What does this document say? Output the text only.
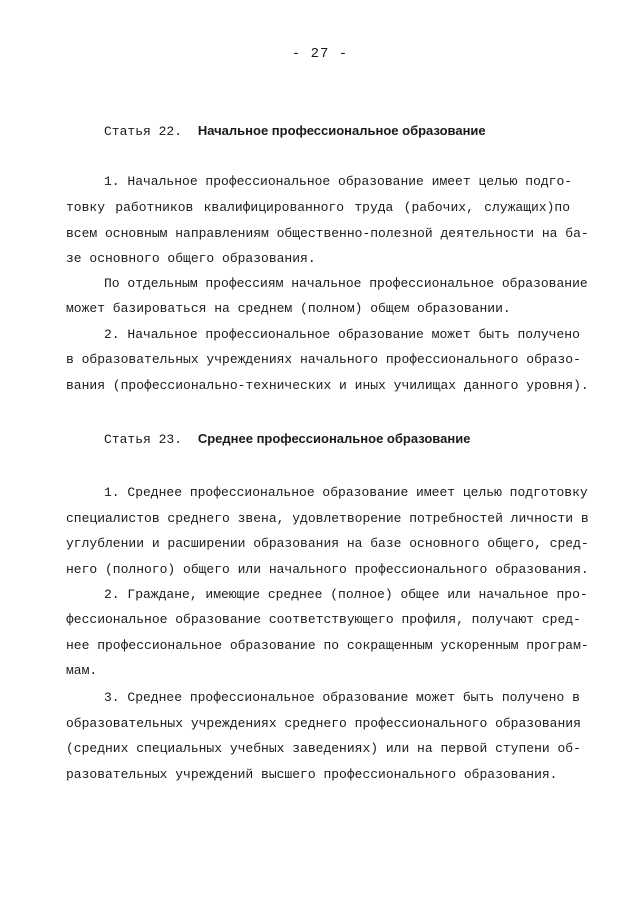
- 27 -
Статья 22. Начальное профессиональное образование
1. Начальное профессиональное образование имеет целью подго-
товку работников квалифицированного труда (рабочих, служащих)по
всем основным направлениям общественно-полезной деятельности на ба-
зе основного общего образования.
По отдельным профессиям начальное профессиональное образование
может базироваться на среднем (полном) общем образовании.
2. Начальное профессиональное образование может быть получено
в образовательных учреждениях начального профессионального образо-
вания (профессионально-технических и иных училищах данного уровня).
Статья 23. Среднее профессиональное образование
1. Среднее профессиональное образование имеет целью подготовку
специалистов среднего звена, удовлетворение потребностей личности в
углублении и расширении образования на базе основного общего, сред-
него (полного) общего или начального профессионального образования.
2. Граждане, имеющие среднее (полное) общее или начальное про-
фессиональное образование соответствующего профиля, получают сред-
нее профессиональное образование по сокращенным ускоренным програм-
мам.
3. Среднее профессиональное образование может быть получено в
образовательных учреждениях среднего профессионального образования
(средних специальных учебных заведениях) или на первой ступени об-
разовательных учреждений высшего профессионального образования.
